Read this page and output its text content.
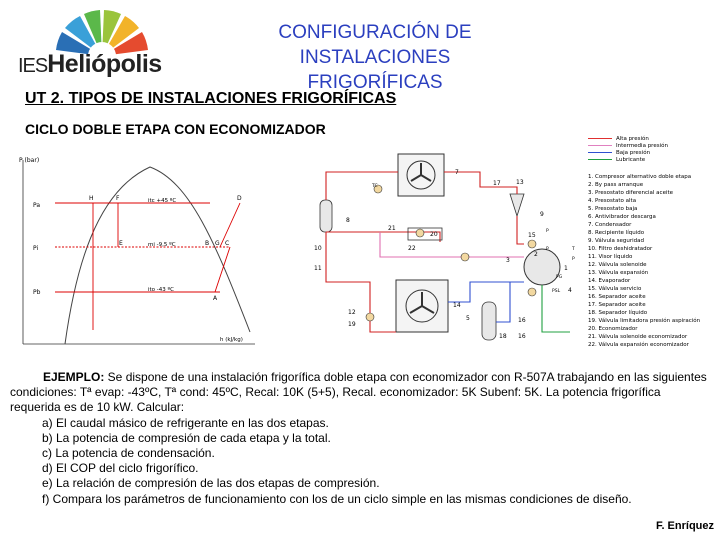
IESHeliópolis
CONFIGURACIÓN DE INSTALACIONES
FRIGORÍFICAS
UT 2. TIPOS DE INSTALACIONES FRIGORÍFICAS
CICLO DOBLE ETAPA CON ECONOMIZADOR
P (bar)
h (kJ/kg)
Pa
Pi
Pb
H	F
E	B G C
D
A
itc +45 ºC
mi -9,5 ºC
ito -43 ºC
7
17	13
9
15
8
21
20
22
10
11
3
2
1
4
12
19
14
5
18
16
16
TC
P
P	T
P
PG
PSL
Alta presión
Intermedia presión
Baja presión
Lubricante
1. Compresor alternativo doble etapa
2. By pass arranque
3. Presostato diferencial aceite
4. Presostato alta
5. Presostato baja
6. Antivibrador descarga
7. Condensador
8. Recipiente líquido
9. Válvula seguridad
10. Filtro deshidratador
11. Visor líquido
12. Válvula solenoide
13. Válvula expansión
14. Evaporador
15. Válvula servicio
16. Separador aceite
17. Separador aceite
18. Separador líquido
19. Válvula limitadora presión aspiración
20. Economizador
21. Válvula solenoide economizador
22. Válvula expansión economizador

EJEMPLO: Se dispone de una instalación frigorífica doble etapa con economizador con R-507A trabajando en las siguientes condiciones: Tª evap: -43ºC, Tª cond: 45ºC, Recal: 10K (5+5), Recal. economizador: 5K Subenf: 5K. La potencia frigorífica requerida es de 10 kW. Calcular:

a) El caudal másico de refrigerante en las dos etapas.

b) La potencia de compresión de cada etapa y la total.

c) La potencia de condensación.

d) El COP del ciclo frigorífico.

e) La relación de compresión de las dos etapas de compresión.

f) Compara los parámetros de funcionamiento con los de un ciclo simple en las mismas condiciones de diseño.

F. Enríquez
